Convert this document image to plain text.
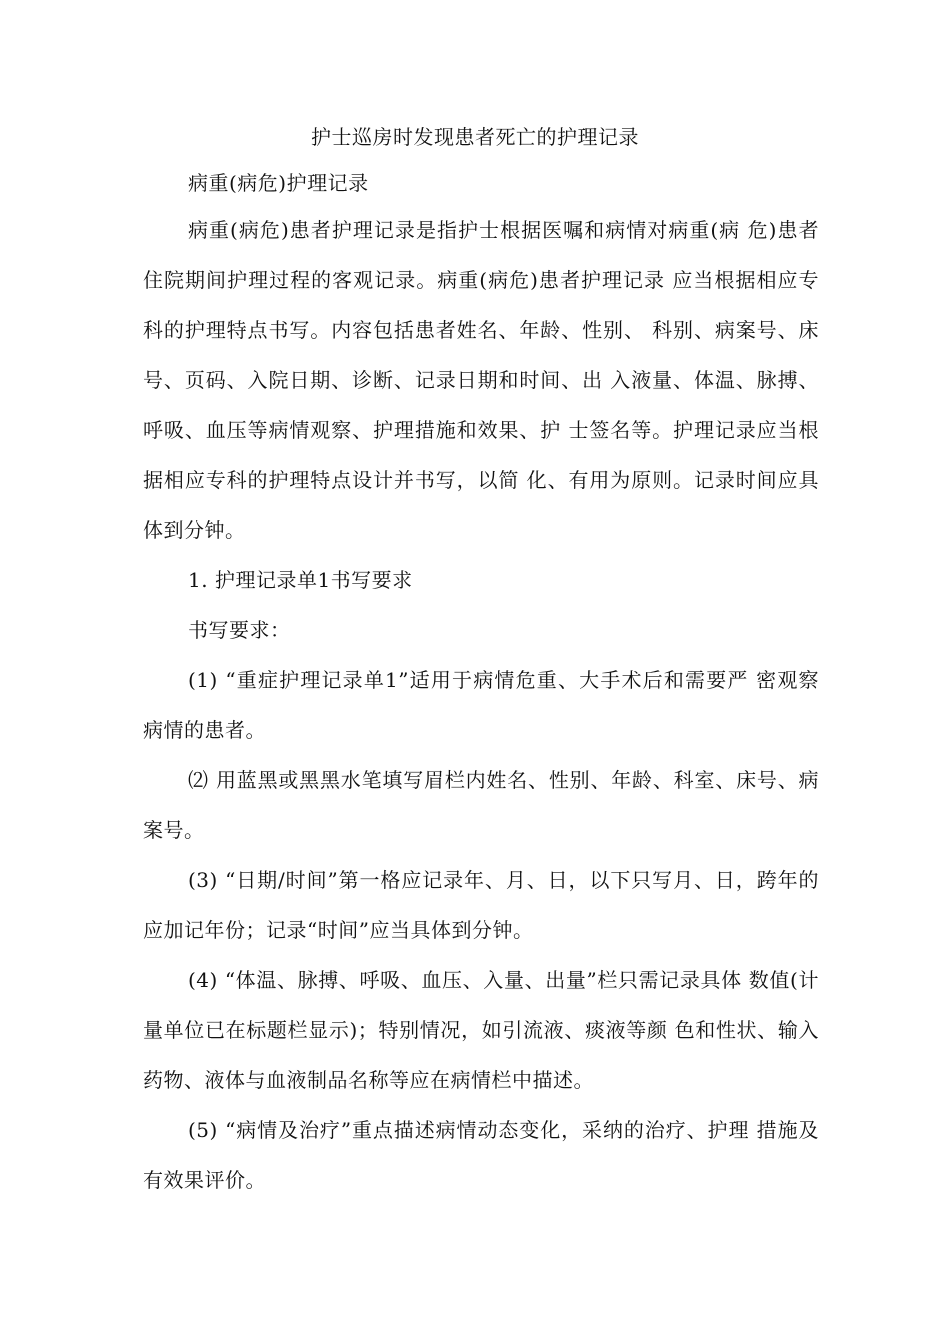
护士巡房时发现患者死亡的护理记录
病重(病危)护理记录

病重(病危)患者护理记录是指护士根据医嘱和病情对病重(病 危)患者住院期间护理过程的客观记录。病重(病危)患者护理记录 应当根据相应专科的护理特点书写。内容包括患者姓名、年龄、性别、 科别、病案号、床号、页码、入院日期、诊断、记录日期和时间、出 入液量、体温、脉搏、呼吸、血压等病情观察、护理措施和效果、护 士签名等。护理记录应当根据相应专科的护理特点设计并书写，以简 化、有用为原则。记录时间应具体到分钟。

1. 护理记录单1书写要求

书写要求：

(1) “重症护理记录单1”适用于病情危重、大手术后和需要严 密观察病情的患者。

⑵ 用蓝黑或黑黑水笔填写眉栏内姓名、性别、年龄、科室、床号、病案号。

(3) “日期/时间”第一格应记录年、月、日，以下只写月、日，跨年的应加记年份；记录“时间”应当具体到分钟。

(4) “体温、脉搏、呼吸、血压、入量、出量”栏只需记录具体 数值(计量单位已在标题栏显示)；特别情况，如引流液、痰液等颜 色和性状、输入药物、液体与血液制品名称等应在病情栏中描述。

(5) “病情及治疗”重点描述病情动态变化，采纳的治疗、护理 措施及有效果评价。
